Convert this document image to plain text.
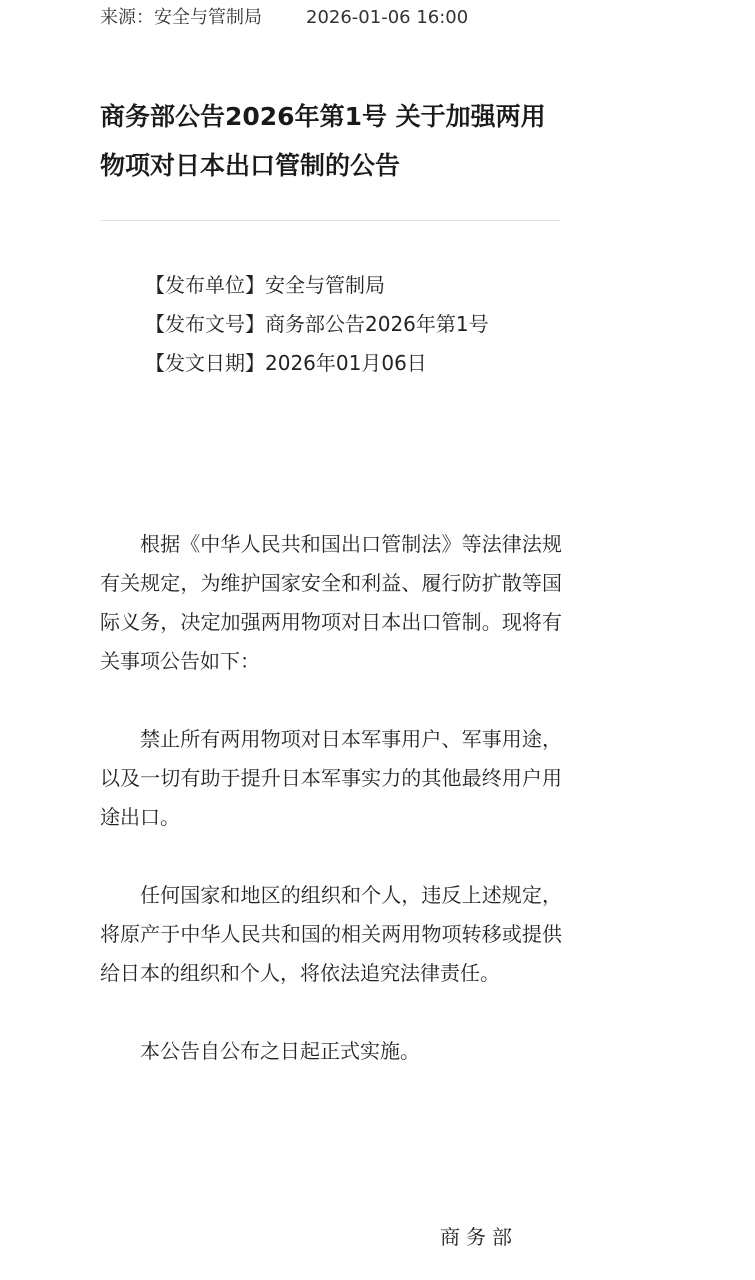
来源：安全与管制局 2026-01-06 16:00
商务部公告2026年第1号 关于加强两用物项对日本出口管制的公告
【发布单位】安全与管制局
【发布文号】商务部公告2026年第1号
【发文日期】2026年01月06日

根据《中华人民共和国出口管制法》等法律法规有关规定，为维护国家安全和利益、履行防扩散等国际义务，决定加强两用物项对日本出口管制。现将有关事项公告如下：

禁止所有两用物项对日本军事用户、军事用途，以及一切有助于提升日本军事实力的其他最终用户用途出口。

任何国家和地区的组织和个人，违反上述规定，将原产于中华人民共和国的相关两用物项转移或提供给日本的组织和个人，将依法追究法律责任。

本公告自公布之日起正式实施。

商务部
